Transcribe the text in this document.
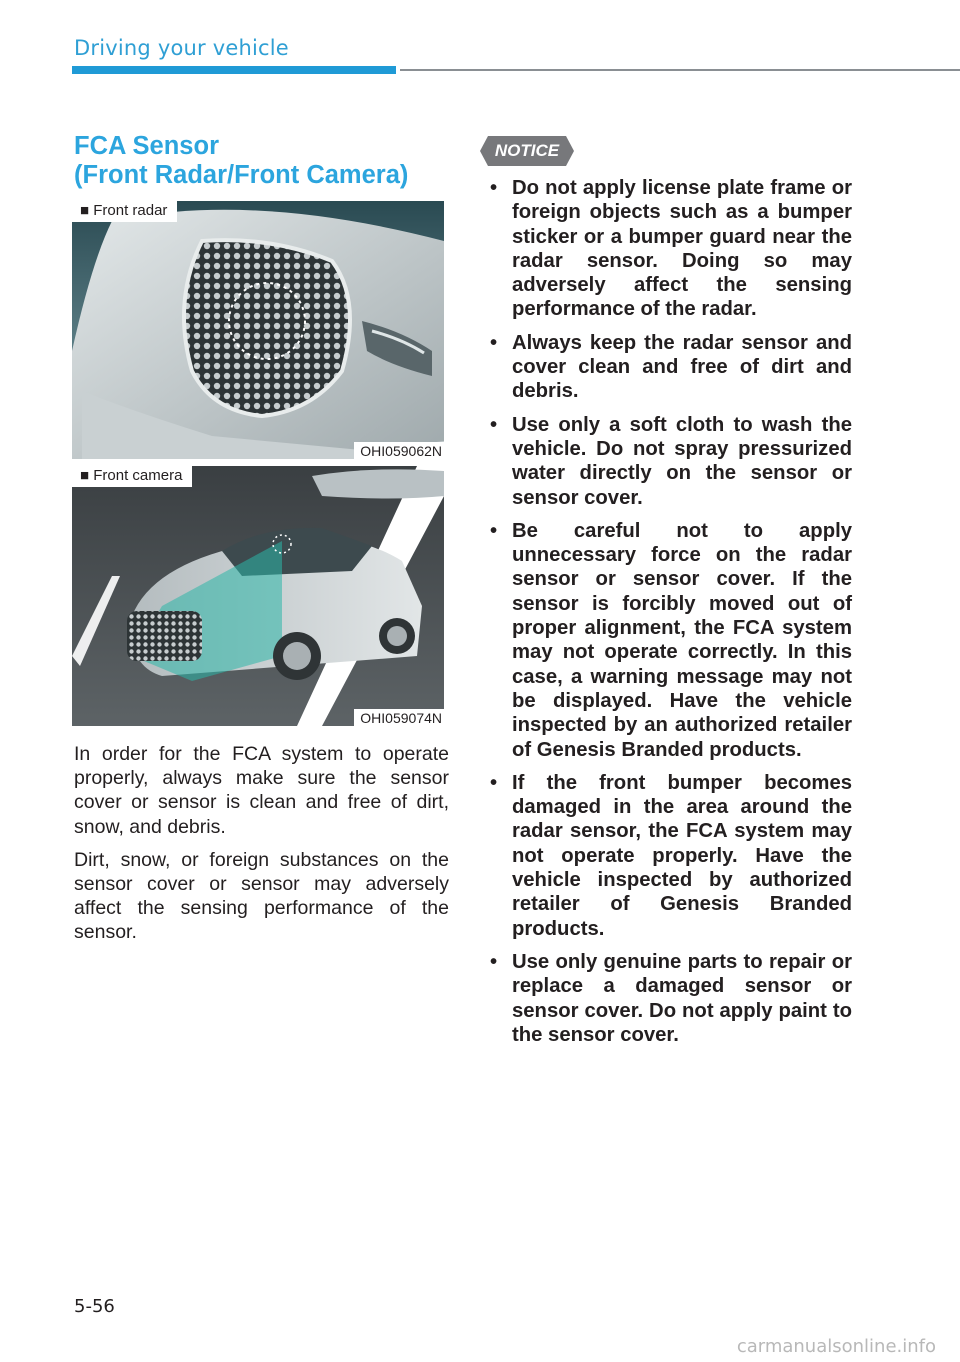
Driving your vehicle
FCA Sensor
(Front Radar/Front Camera)
■ Front radar
OHI059062N
■ Front camera
OHI059074N

In order for the FCA system to operate properly, always make sure the sensor cover or sensor is clean and free of dirt, snow, and debris.

Dirt, snow, or foreign substances on the sensor cover or sensor may adversely affect the sensing performance of the sensor.

NOTICE
• Do not apply license plate frame or foreign objects such as a bumper sticker or a bumper guard near the radar sensor. Doing so may adversely affect the sensing performance of the radar.
• Always keep the radar sensor and cover clean and free of dirt and debris.
• Use only a soft cloth to wash the vehicle. Do not spray pressurized water directly on the sensor or sensor cover.
• Be careful not to apply unnecessary force on the radar sensor or sensor cover. If the sensor is forcibly moved out of proper alignment, the FCA system may not operate correctly. In this case, a warning message may not be displayed. Have the vehicle inspected by an authorized retailer of Genesis Branded products.
• If the front bumper becomes damaged in the area around the radar sensor, the FCA system may not operate properly. Have the vehicle inspected by authorized retailer of Genesis Branded products.
• Use only genuine parts to repair or replace a damaged sensor or sensor cover. Do not apply paint to the sensor cover.
5-56
carmanualsonline.info
